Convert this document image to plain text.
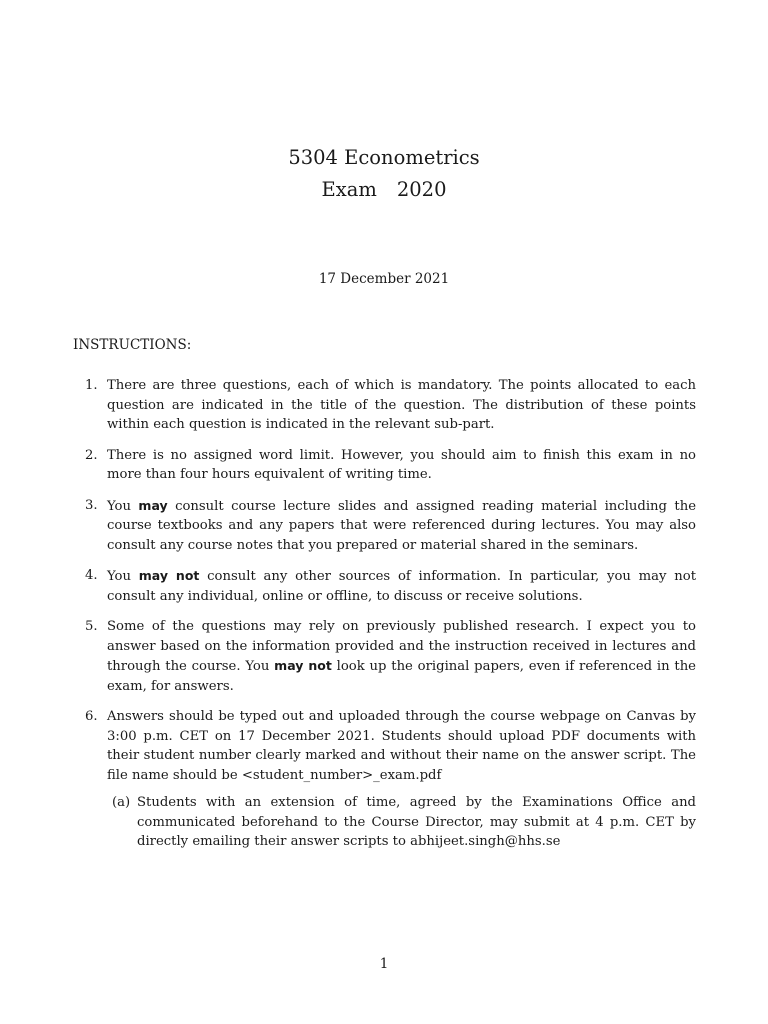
5304 Econometrics
Exam 2020
17 December 2021
INSTRUCTIONS:
1. There are three questions, each of which is mandatory. The points allocated to each question are indicated in the title of the question. The distribution of these points within each question is indicated in the relevant sub-part.
2. There is no assigned word limit. However, you should aim to finish this exam in no more than four hours equivalent of writing time.
3. You may consult course lecture slides and assigned reading material including the course textbooks and any papers that were referenced during lectures. You may also consult any course notes that you prepared or material shared in the seminars.
4. You may not consult any other sources of information. In particular, you may not consult any individual, online or offline, to discuss or receive solutions.
5. Some of the questions may rely on previously published research. I expect you to answer based on the information provided and the instruction received in lectures and through the course. You may not look up the original papers, even if referenced in the exam, for answers.
6. Answers should be typed out and uploaded through the course webpage on Canvas by 3:00 p.m. CET on 17 December 2021. Students should upload PDF documents with their student number clearly marked and without their name on the answer script. The file name should be <student_number>_exam.pdf
(a) Students with an extension of time, agreed by the Examinations Office and communicated beforehand to the Course Director, may submit at 4 p.m. CET by directly emailing their answer scripts to abhijeet.singh@hhs.se
1
